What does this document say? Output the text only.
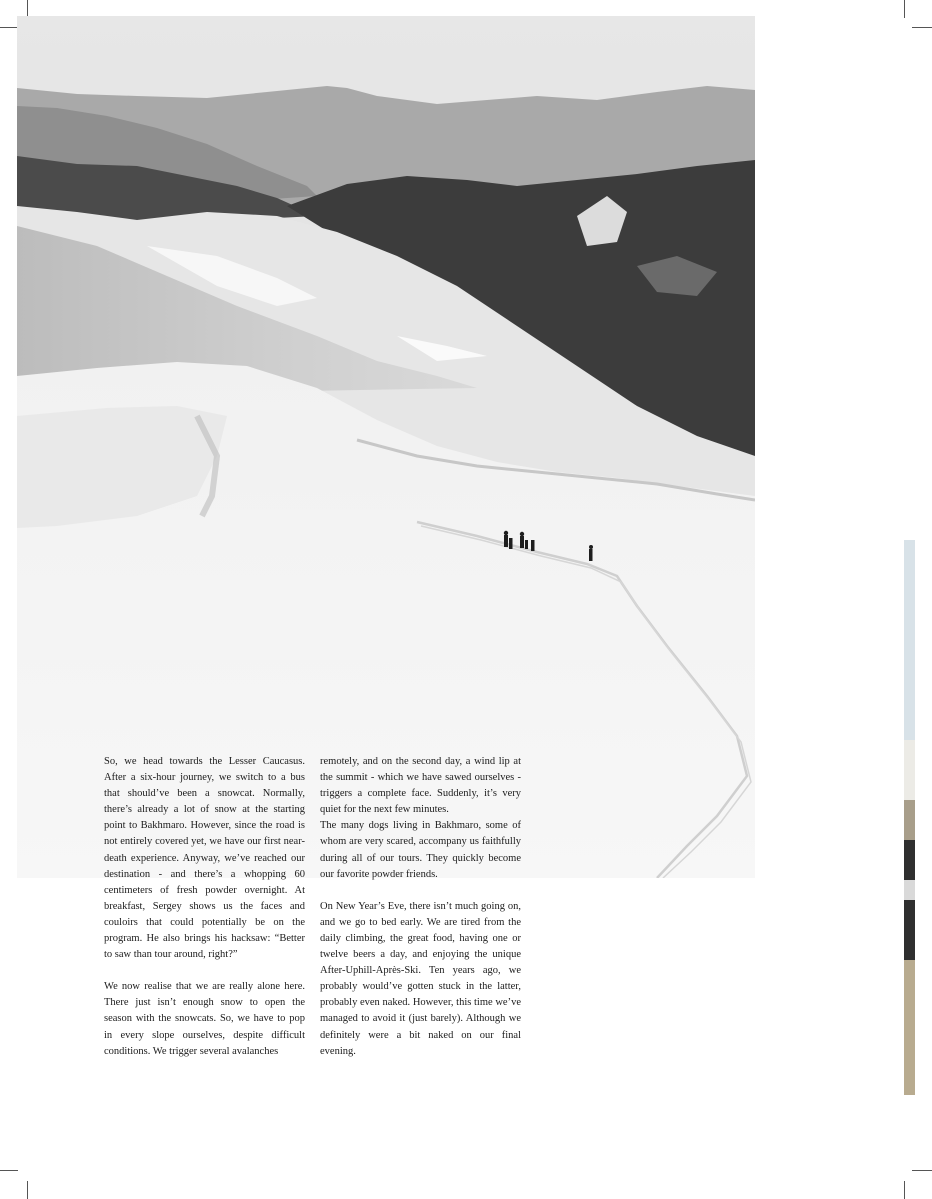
So, we head towards the Lesser Caucasus. After a six-hour journey, we switch to a bus that should’ve been a snowcat. Normally, there’s already a lot of snow at the starting point to Bakhmaro. However, since the road is not entirely covered yet, we have our first near-death experience. Anyway, we’ve reached our destination - and there’s a whopping 60 centimeters of fresh powder overnight. At breakfast, Sergey shows us the faces and couloirs that could potentially be on the program. He also brings his hacksaw: “Better to saw than tour around, right?”

We now realise that we are really alone here. There just isn’t enough snow to open the season with the snowcats. So, we have to pop in every slope ourselves, despite difficult conditions. We trigger several avalanches

remotely, and on the second day, a wind lip at the summit - which we have sawed ourselves - triggers a complete face. Suddenly, it’s very quiet for the next few minutes.

The many dogs living in Bakhmaro, some of whom are very scared, accompany us faithfully during all of our tours. They quickly become our favorite powder friends.

On New Year’s Eve, there isn’t much going on, and we go to bed early. We are tired from the daily climbing, the great food, having one or twelve beers a day, and enjoying the unique After-Uphill-Après-Ski. Ten years ago, we probably would’ve gotten stuck in the latter, probably even naked. However, this time we’ve managed to avoid it (just barely). Although we definitely were a bit naked on our final evening.
